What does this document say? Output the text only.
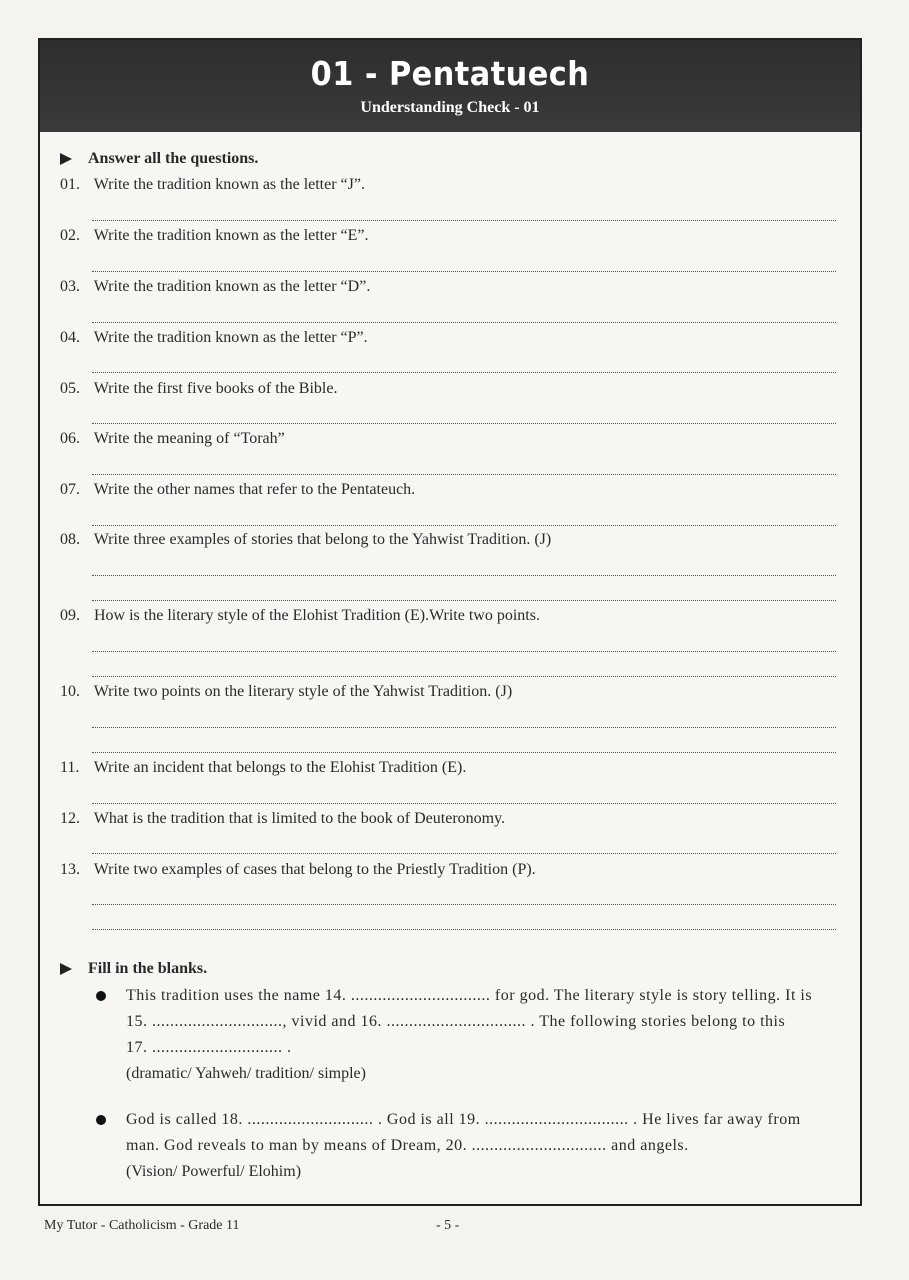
01 - Pentatuech
Understanding Check - 01
Answer all the questions.
01. Write the tradition known as the letter “J”.
02. Write the tradition known as the letter “E”.
03. Write the tradition known as the letter “D”.
04. Write the tradition known as the letter “P”.
05. Write the first five books of the Bible.
06. Write the meaning of “Torah”
07. Write the other names that refer to the Pentateuch.
08. Write three examples of stories that belong to the Yahwist Tradition. (J)
09. How is the literary style of the Elohist Tradition (E).Write two points.
10. Write two points on the literary style of the Yahwist Tradition. (J)
11. Write an incident that belongs to the Elohist Tradition (E).
12. What is the tradition that is limited to the book of Deuteronomy.
13. Write two examples of cases that belong to the Priestly Tradition (P).
Fill in the blanks.
This tradition uses the name 14. ............................... for god. The literary style is story telling. It is
15. ............................., vivid and 16. ............................... . The following stories belong to this
17. ............................. .
(dramatic/ Yahweh/ tradition/ simple)
God is called 18. ............................ . God is all 19. ................................ . He lives far away from
man. God reveals to man by means of Dream, 20. .............................. and angels.
(Vision/ Powerful/ Elohim)
My Tutor - Catholicism - Grade 11	- 5 -
